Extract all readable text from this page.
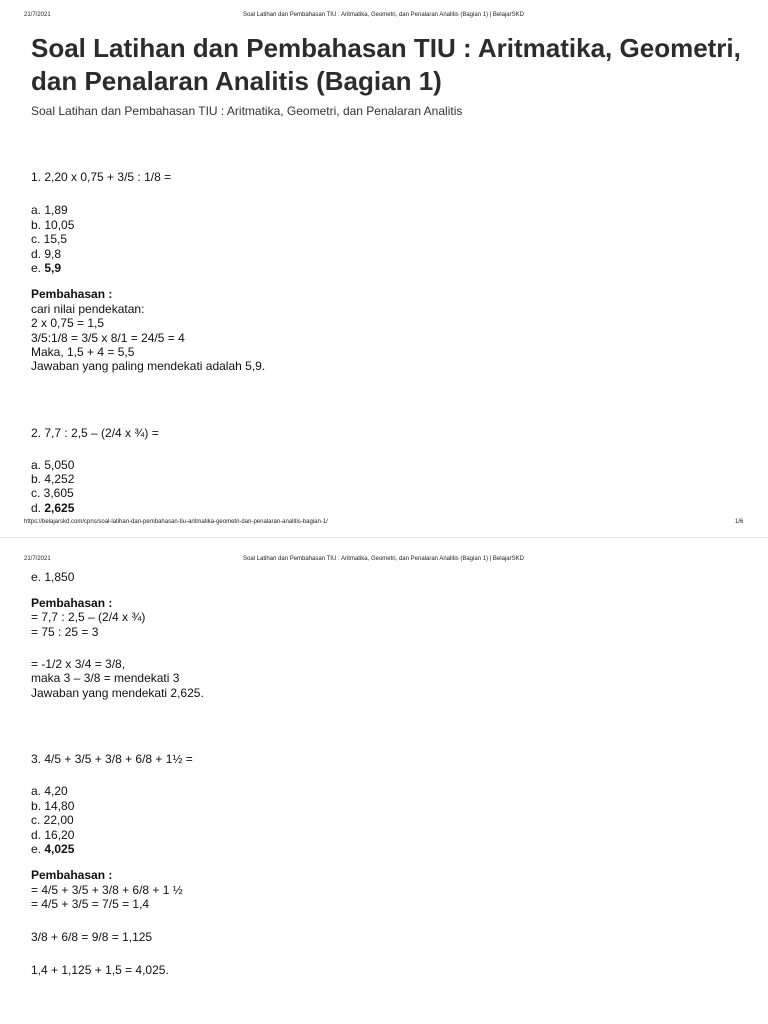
21/7/2021	Soal Latihan dan Pembahasan TIU : Aritmatika, Geometri, dan Penalaran Analitis (Bagian 1) | BelajarSKD
Soal Latihan dan Pembahasan TIU : Aritmatika, Geometri, dan Penalaran Analitis (Bagian 1)
Soal Latihan dan Pembahasan TIU : Aritmatika, Geometri, dan Penalaran Analitis
1. 2,20 x 0,75 + 3/5 : 1/8 =
a. 1,89
b. 10,05
c. 15,5
d. 9,8
e. 5,9
Pembahasan :
cari nilai pendekatan:
2 x 0,75 = 1,5
3/5:1/8 = 3/5 x 8/1 = 24/5 = 4
Maka, 1,5 + 4 = 5,5
Jawaban yang paling mendekati adalah 5,9.
2. 7,7 : 2,5 – (2/4 x ¾) =
a. 5,050
b. 4,252
c. 3,605
d. 2,625
https://belajarskd.com/cpns/soal-latihan-dan-pembahasan-tiu-aritmatika-geometri-dan-penalaran-analitis-bagian-1/	1/6
21/7/2021	Soal Latihan dan Pembahasan TIU : Aritmatika, Geometri, dan Penalaran Analitis (Bagian 1) | BelajarSKD
e. 1,850
Pembahasan :
= 7,7 : 2,5 – (2/4 x ¾)
= 75 : 25 = 3
= -1/2 x 3/4 = 3/8,
maka 3 – 3/8 = mendekati 3
Jawaban yang mendekati 2,625.
3. 4/5 + 3/5 + 3/8 + 6/8 + 1½ =
a. 4,20
b. 14,80
c. 22,00
d. 16,20
e. 4,025
Pembahasan :
= 4/5 + 3/5 + 3/8 + 6/8 + 1 ½
= 4/5 + 3/5 = 7/5 = 1,4
3/8 + 6/8 = 9/8 = 1,125
1,4 + 1,125 + 1,5 = 4,025.
